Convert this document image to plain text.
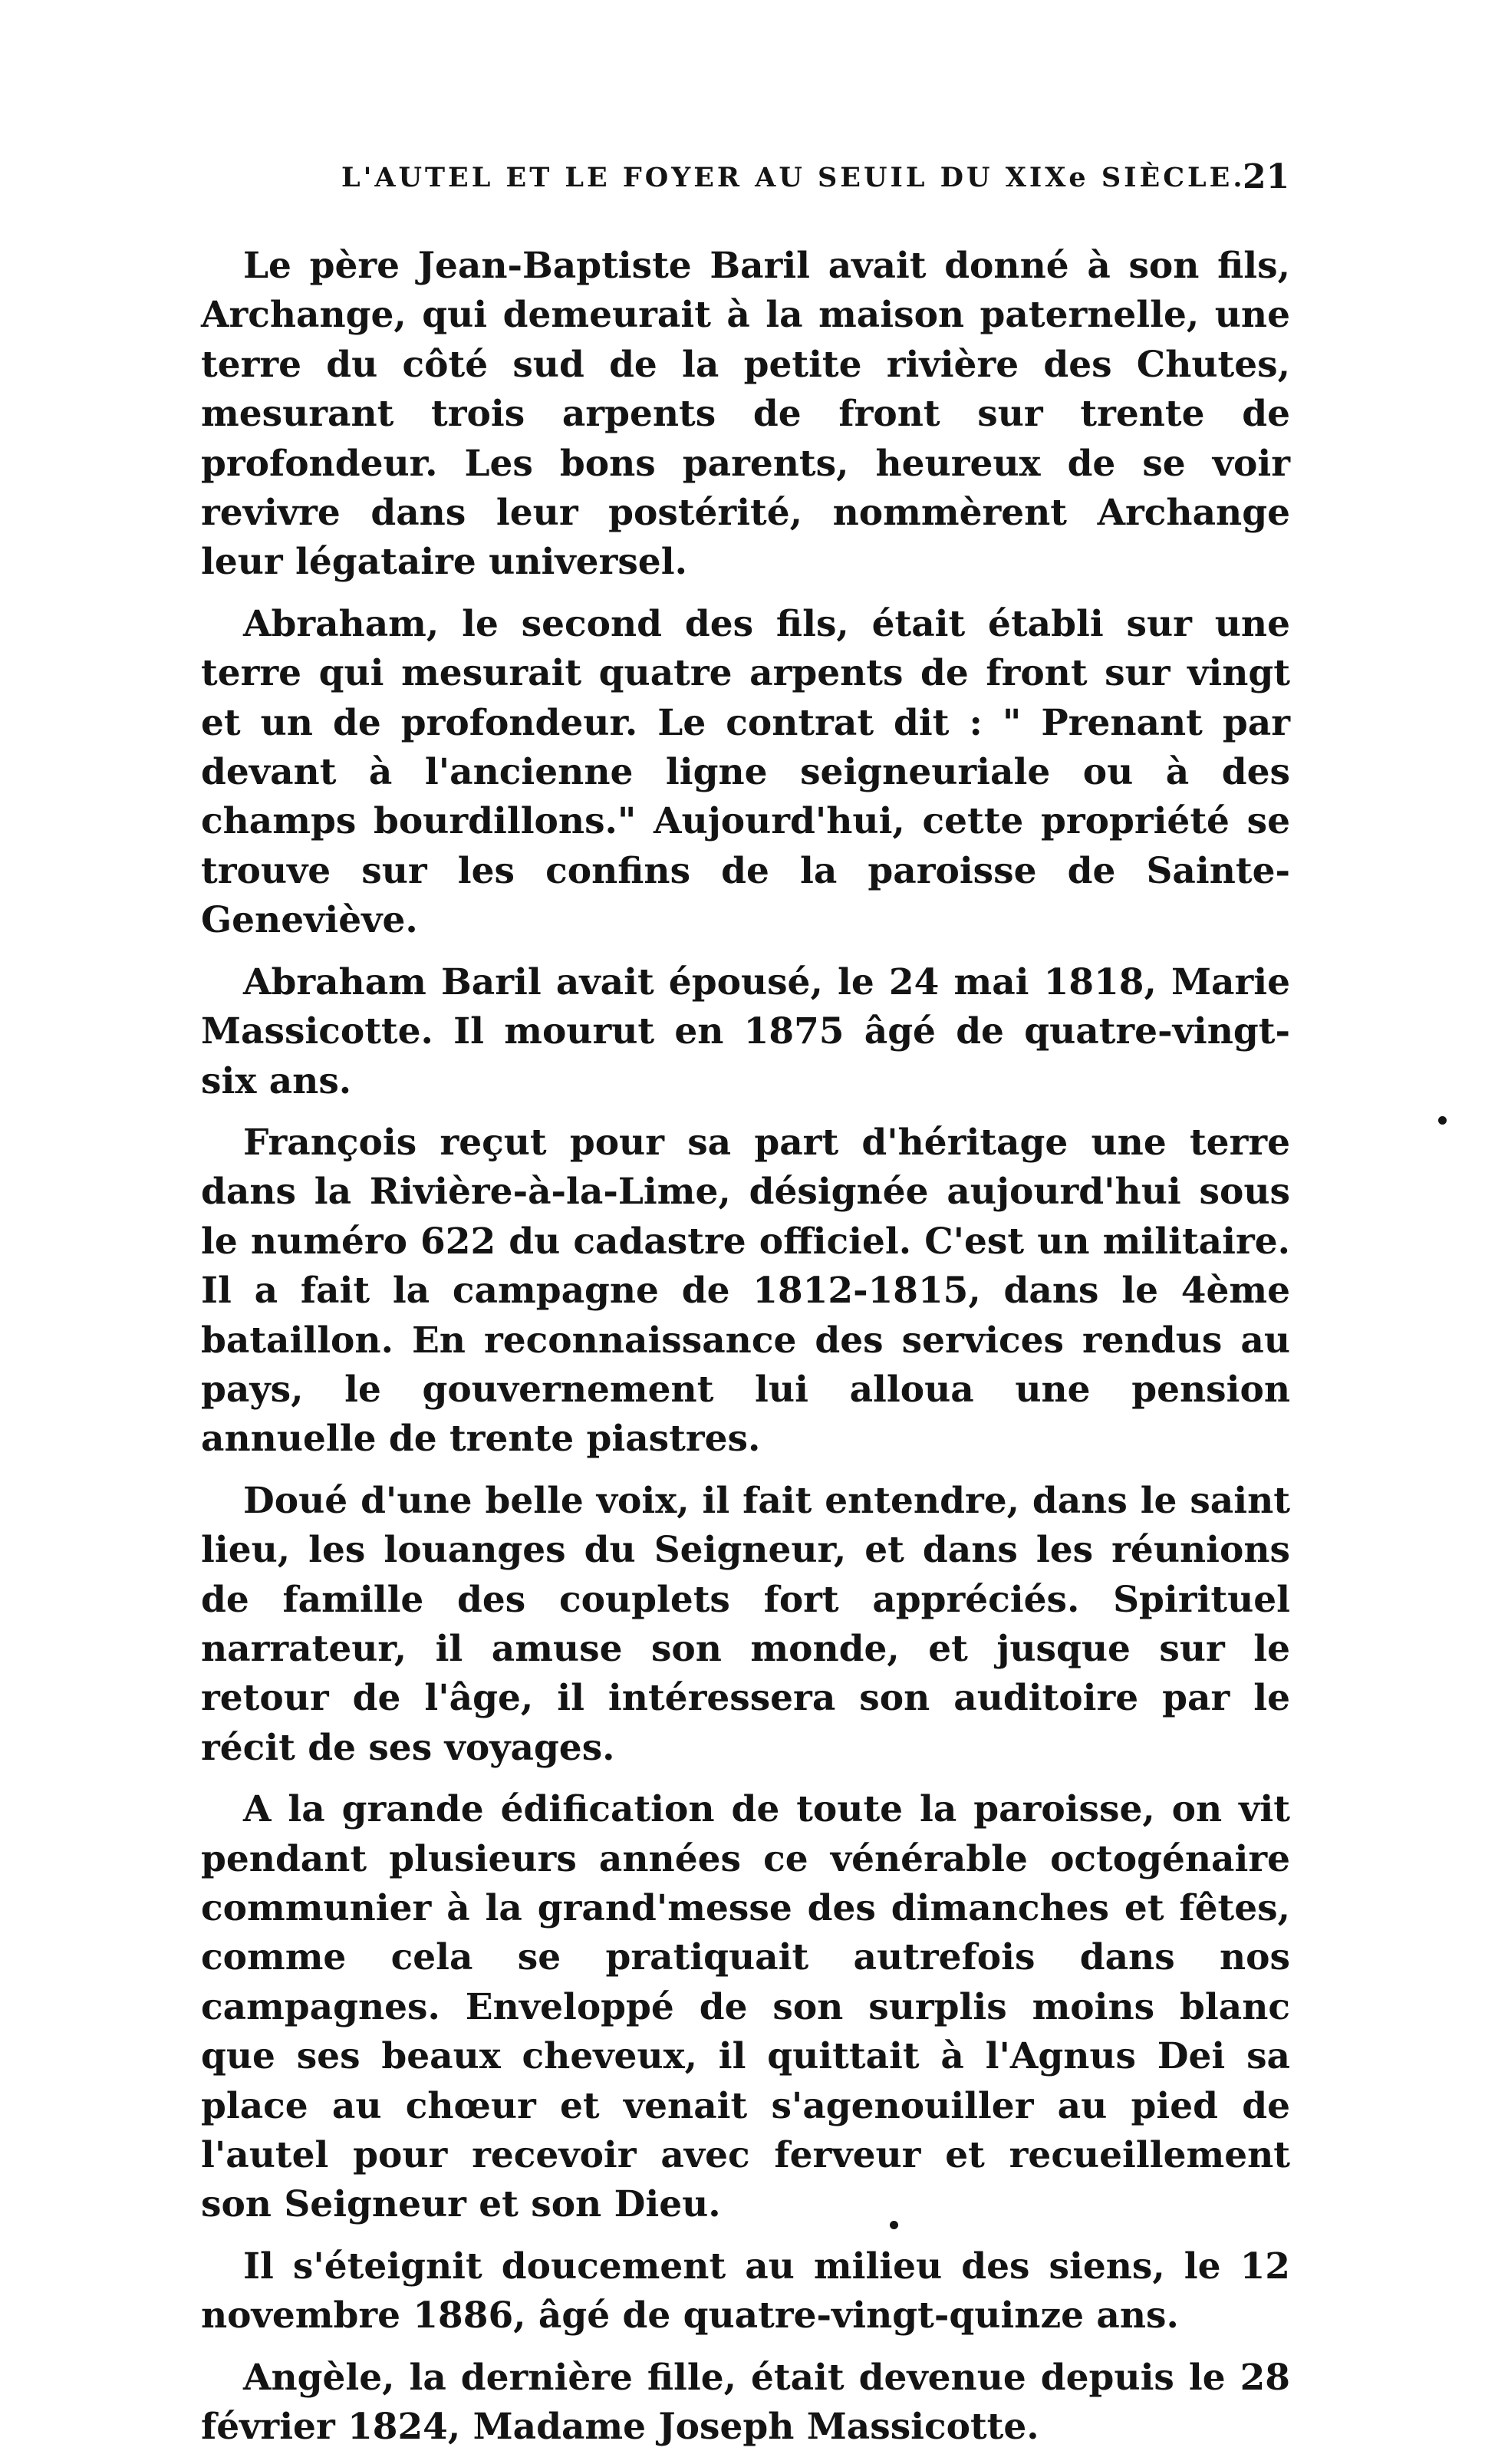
L'AUTEL ET LE FOYER AU SEUIL DU XIXe SIÈCLE.
21

Le père Jean-Baptiste Baril avait donné à son fils, Archange, qui demeurait à la maison paternelle, une terre du côté sud de la petite rivière des Chutes, mesurant trois arpents de front sur trente de profondeur. Les bons parents, heureux de se voir revivre dans leur postérité, nommèrent Archange leur légataire universel.

Abraham, le second des fils, était établi sur une terre qui mesurait quatre arpents de front sur vingt et un de profondeur. Le contrat dit : " Prenant par devant à l'ancienne ligne seigneuriale ou à des champs bourdillons." Aujourd'hui, cette propriété se trouve sur les confins de la paroisse de Sainte-Geneviève.

Abraham Baril avait épousé, le 24 mai 1818, Marie Massicotte. Il mourut en 1875 âgé de quatre-vingt-six ans.

François reçut pour sa part d'héritage une terre dans la Rivière-à-la-Lime, désignée aujourd'hui sous le numéro 622 du cadastre officiel. C'est un militaire. Il a fait la campagne de 1812-1815, dans le 4ème bataillon. En reconnaissance des services rendus au pays, le gouvernement lui alloua une pension annuelle de trente piastres.

Doué d'une belle voix, il fait entendre, dans le saint lieu, les louanges du Seigneur, et dans les réunions de famille des couplets fort appréciés. Spirituel narrateur, il amuse son monde, et jusque sur le retour de l'âge, il intéressera son auditoire par le récit de ses voyages.

A la grande édification de toute la paroisse, on vit pendant plusieurs années ce vénérable octogénaire communier à la grand'messe des dimanches et fêtes, comme cela se pratiquait autrefois dans nos campagnes. Enveloppé de son surplis moins blanc que ses beaux cheveux, il quittait à l'Agnus Dei sa place au chœur et venait s'agenouiller au pied de l'autel pour recevoir avec ferveur et recueillement son Seigneur et son Dieu.

Il s'éteignit doucement au milieu des siens, le 12 novembre 1886, âgé de quatre-vingt-quinze ans.

Angèle, la dernière fille, était devenue depuis le 28 février 1824, Madame Joseph Massicotte.
